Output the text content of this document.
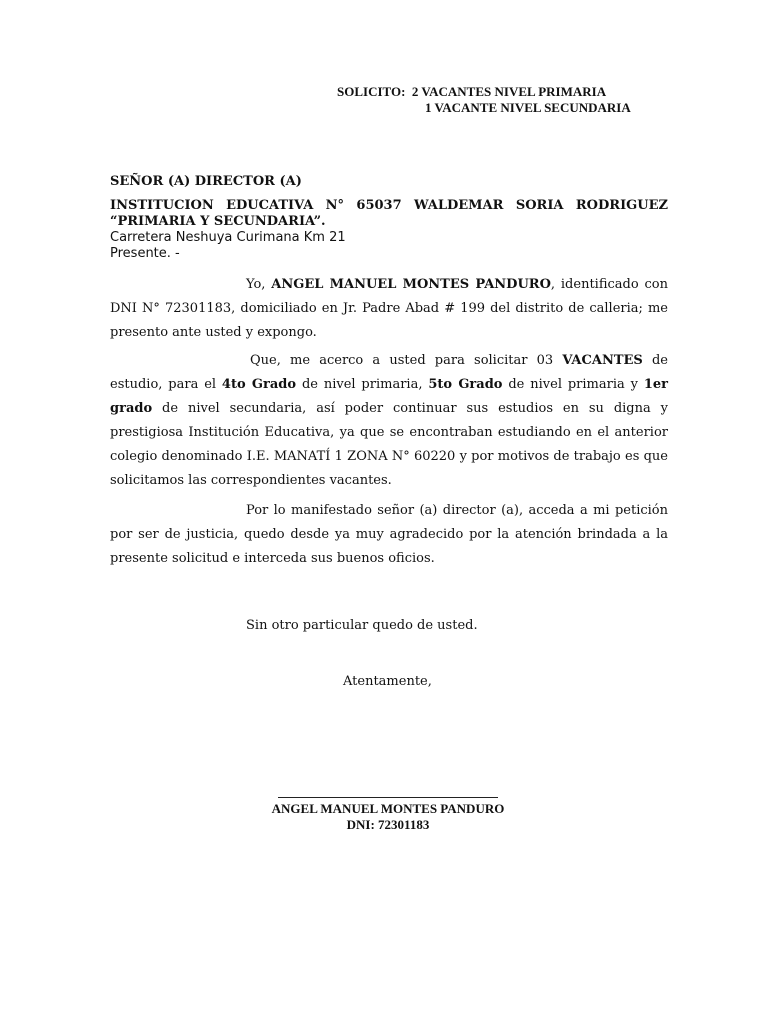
SOLICITO: 2 VACANTES NIVEL PRIMARIA
1 VACANTE NIVEL SECUNDARIA
SEÑOR (A) DIRECTOR (A)
INSTITUCION EDUCATIVA N° 65037 WALDEMAR SORIA RODRIGUEZ
“PRIMARIA Y SECUNDARIA”.
Carretera Neshuya Curimana Km 21
Presente. -
Yo, ANGEL MANUEL MONTES PANDURO, identificado con DNI N° 72301183, domiciliado en Jr. Padre Abad # 199 del distrito de calleria; me presento ante usted y expongo.
Que, me acerco a usted para solicitar 03 VACANTES de estudio, para el 4to Grado de nivel primaria, 5to Grado de nivel primaria y 1er grado de nivel secundaria, así poder continuar sus estudios en su digna y prestigiosa Institución Educativa, ya que se encontraban estudiando en el anterior colegio denominado I.E. MANATÍ 1 ZONA N° 60220 y por motivos de trabajo es que solicitamos las correspondientes vacantes.
Por lo manifestado señor (a) director (a), acceda a mi petición por ser de justicia, quedo desde ya muy agradecido por la atención brindada a la presente solicitud e interceda sus buenos oficios.
Sin otro particular quedo de usted.
Atentamente,
ANGEL MANUEL MONTES PANDURO
DNI: 72301183
